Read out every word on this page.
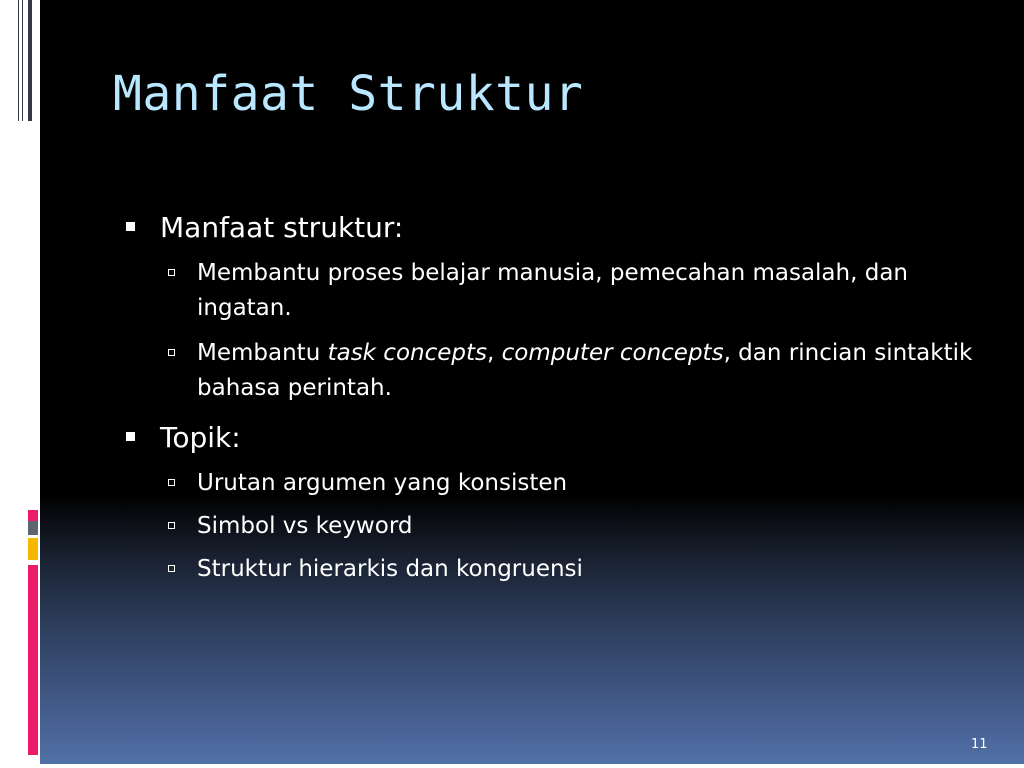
Manfaat Struktur
Manfaat struktur:
Membantu proses belajar manusia, pemecahan masalah, dan ingatan.
Membantu task concepts, computer concepts, dan rincian sintaktik bahasa perintah.
Topik:
Urutan argumen yang konsisten
Simbol vs keyword
Struktur hierarkis dan kongruensi
11
